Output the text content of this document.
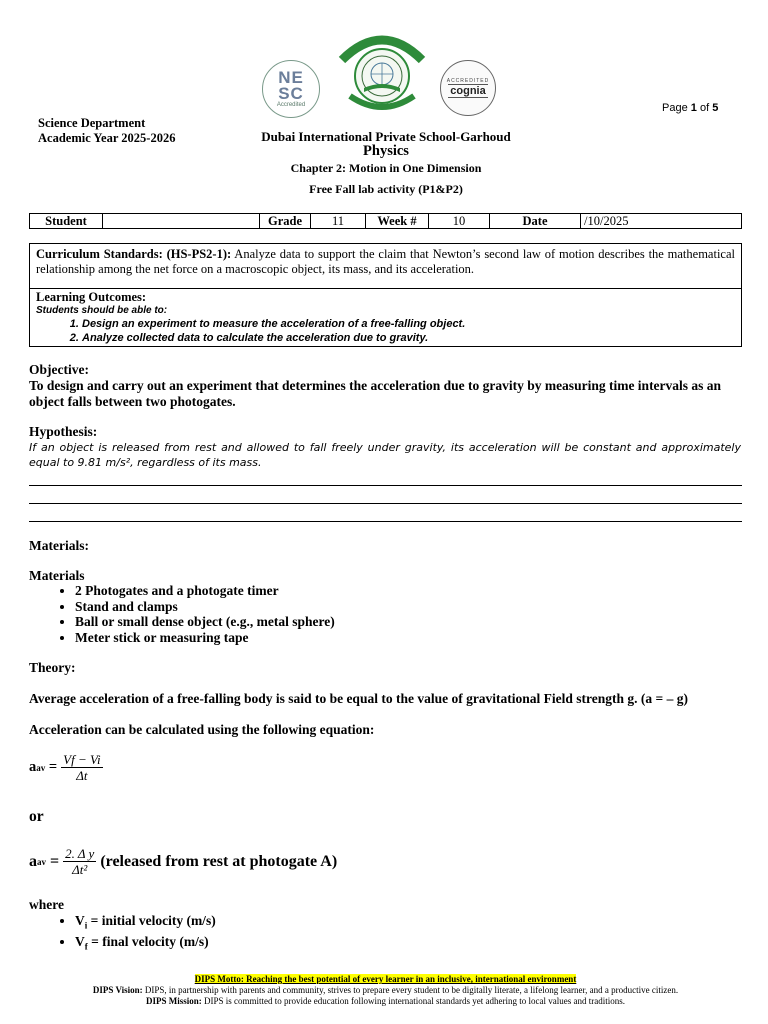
NE
SC
Accredited
ACCREDITED
cognia
Page 1 of 5
Science Department
Academic Year 2025-2026	Dubai International Private School-Garhoud
Physics
Chapter 2: Motion in One Dimension
Free Fall lab activity (P1&P2)
Student		Grade	11	Week #	10	Date	/10/2025
Curriculum Standards: (HS-PS2-1): Analyze data to support the claim that Newton’s second law of motion describes the mathematical relationship among the net force on a macroscopic object, its mass, and its acceleration.
Learning Outcomes:
Students should be able to:
1. Design an experiment to measure the acceleration of a free-falling object.
2. Analyze collected data to calculate the acceleration due to gravity.
Objective:
To design and carry out an experiment that determines the acceleration due to gravity by measuring time intervals as an object falls between two photogates.
Hypothesis:
If an object is released from rest and allowed to fall freely under gravity, its acceleration will be constant and approximately equal to 9.81 m/s², regardless of its mass.
Materials:
Materials
• 2 Photogates and a photogate timer
• Stand and clamps
• Ball or small dense object (e.g., metal sphere)
• Meter stick or measuring tape
Theory:
Average acceleration of a free-falling body is said to be equal to the value of gravitational Field strength g. (a = – g)
Acceleration can be calculated using the following equation:
a av
= $\frac{Vf - Vi}{\Delta t}$
or
a av
= $\frac{\text{2. Δ y}}{\text{Δt²}}$ (released from rest at photogate A)
where
• $V_i$ = initial velocity (m/s)
• $V_f$ = final velocity (m/s)
DIPS Motto: Reaching the best potential of every learner in an inclusive, international environment
DIPS Vision: DIPS, in partnership with parents and community, strives to prepare every student to be digitally literate, a lifelong learner, and a productive citizen.
DIPS Mission: DIPS is committed to provide education following international standards yet adhering to local values and traditions.
